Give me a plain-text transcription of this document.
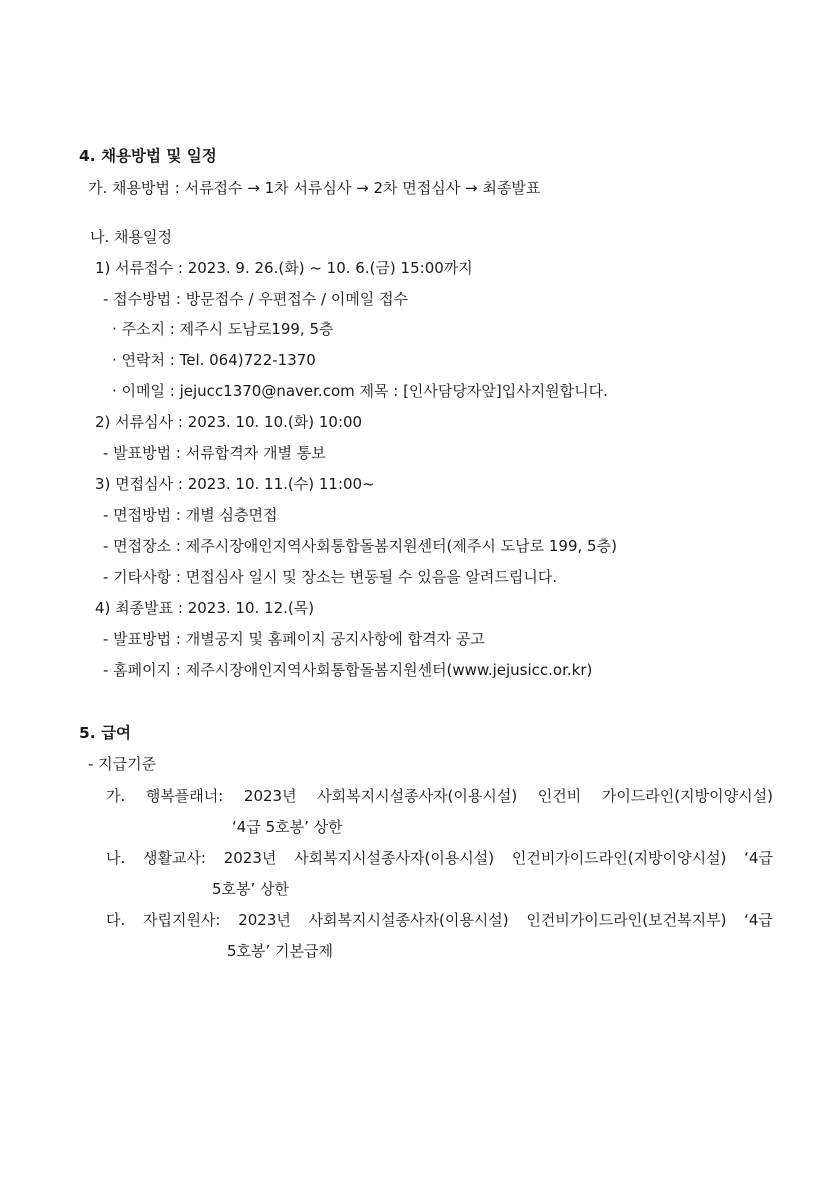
4. 채용방법 및 일정
가. 채용방법 : 서류접수 → 1차 서류심사 → 2차 면접심사 → 최종발표
나. 채용일정
1) 서류접수 : 2023. 9. 26.(화) ~ 10. 6.(금) 15:00까지
- 접수방법 : 방문접수 / 우편접수 / 이메일 접수
· 주소지 : 제주시 도남로199, 5층
· 연락처 : Tel. 064)722-1370
· 이메일 : jejucc1370@naver.com 제목 : [인사담당자앞]입사지원합니다.
2) 서류심사 : 2023. 10. 10.(화) 10:00
- 발표방법 : 서류합격자 개별 통보
3) 면접심사 : 2023. 10. 11.(수) 11:00~
- 면접방법 : 개별 심층면접
- 면접장소 : 제주시장애인지역사회통합돌봄지원센터(제주시 도남로 199, 5층)
- 기타사항 : 면접심사 일시 및 장소는 변동될 수 있음을 알려드립니다.
4) 최종발표 : 2023. 10. 12.(목)
- 발표방법 : 개별공지 및 홈페이지 공지사항에 합격자 공고
- 홈페이지 : 제주시장애인지역사회통합돌봄지원센터(www.jejusicc.or.kr)
5. 급여
- 지급기준
가. 행복플래너: 2023년 사회복지시설종사자(이용시설) 인건비 가이드라인(지방이양시설)
‘4급 5호봉’ 상한
나. 생활교사: 2023년 사회복지시설종사자(이용시설) 인건비가이드라인(지방이양시설) ‘4급
5호봉’ 상한
다. 자립지원사: 2023년 사회복지시설종사자(이용시설) 인건비가이드라인(보건복지부) ‘4급
5호봉’ 기본급제
